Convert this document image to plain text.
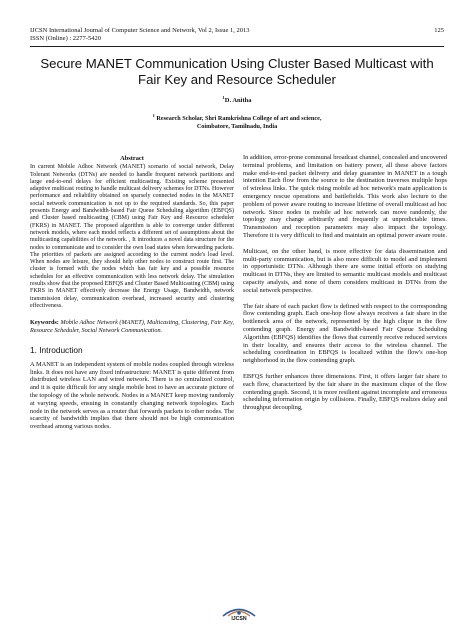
IJCSN International Journal of Computer Science and Network, Vol 2, Issue 1, 2013
ISSN (Online) : 2277-5420
125
Secure MANET Communication Using Cluster Based Multicast with Fair Key and Resource Scheduler
$^1$D. Anitha
$^1$ Research Scholar, Shri Ramkrishna College of art and science,
Coimbatore, Tamilnadu, India
Abstract

In current Mobile Adhoc Network (MANET) scenario of social network, Delay Tolerant Networks (DTNs) are needed to handle frequent network partitions and large end-to-end delays for efficient multicasting. Existing scheme presented adaptive multicast routing to handle multicast delivery schemes for DTNs. However performance and reliability obtained on sparsely connected nodes in the MANET social network communication is not up to the required standards. So, this paper presents Energy and Bandwidth-based Fair Queue Scheduling algorithm (EBFQS) and Cluster based multicasting (CBM) using Fair Key and Resource scheduler (FKRS) in MANET. The proposed algorithm is able to converge under different network models, where each model reflects a different set of assumptions about the multicasting capabilities of the network. , It introduces a novel data structure for the nodes to communicate and to consider the own load states when forwarding packets. The priorities of packets are assigned according to the current node's load level. When nodes are leisure, they should help other nodes to construct route first. The cluster is formed with the nodes which has fair key and a possible resource schedules for an effective communication with less network delay. The simulation results show that the proposed EBFQS and Cluster Based Multicasting (CBM) using FKRS in MANET effectively decrease the Energy Usage, Bandwidth, network transmission delay, communication overhead, increased security and clustering effectiveness.

Keywords: Mobile Adhoc Network (MANET), Multicasting, Clustering, Fair Key, Resource Scheduler, Social Network Communication.

1. Introduction

A MANET is an independent system of mobile nodes coupled through wireless links. It does not have any fixed infrastructure: MANET is quite different from distributed wireless LAN and wired network. There is no centralized control, and it is quite difficult for any single mobile host to have an accurate picture of the topology of the whole network. Nodes in a MANET keep moving randomly at varying speeds, ensuing in constantly changing network topologies. Each node in the network serves as a router that forwards packets to other nodes. The scarcity of bandwidth implies that there should not be high communication overhead among various nodes.

In addition, error-prone communal broadcast channel, concealed and uncovered terminal problems, and limitation on battery power, all these above factors make end-to-end packet delivery and delay guarantee in MANET in a tough intention Each flow from the source to the destination traverses multiple hops of wireless links. The quick rising mobile ad hoc network's main application is emergency rescue operations and battlefields. This work also lecture to the problem of power aware routing to increase lifetime of overall multicast ad hoc network. Since nodes in mobile ad hoc network can move randomly, the topology may change arbitrarily and frequently at unpredictable times. Transmission and reception parameters may also impact the topology. Therefore it is very difficult to find and maintain an optimal power aware route.

Multicast, on the other hand, is more effective for data dissemination and multi-party communication, but is also more difficult to model and implement in opportunistic DTNs. Although there are some initial efforts on studying multicast in DTNs, they are limited to semantic multicast models and multicast capacity analysis, and none of them considers multicast in DTNs from the social network perspective.

The fair share of each packet flow is defined with respect to the corresponding flow contending graph. Each one-hop flow always receives a fair share in the bottleneck area of the network, represented by the high clique in the flow contending graph. Energy and Bandwidth-based Fair Queue Scheduling Algorithm (EBFQS) identifies the flows that currently receive reduced services in their locality, and ensures their access to the wireless channel. The scheduling coordination in EBFQS is localized within the flow's one-hop neighborhood in the flow contending graph.

EBFQS further enhances three dimensions. First, it offers larger fair share to each flow, characterized by the fair share in the maximum clique of the flow contending graph. Second, it is more resilient against incomplete and erroneous scheduling information origin by collisions. Finally, EBFQS realizes delay and throughput decoupling,

IJCSN
